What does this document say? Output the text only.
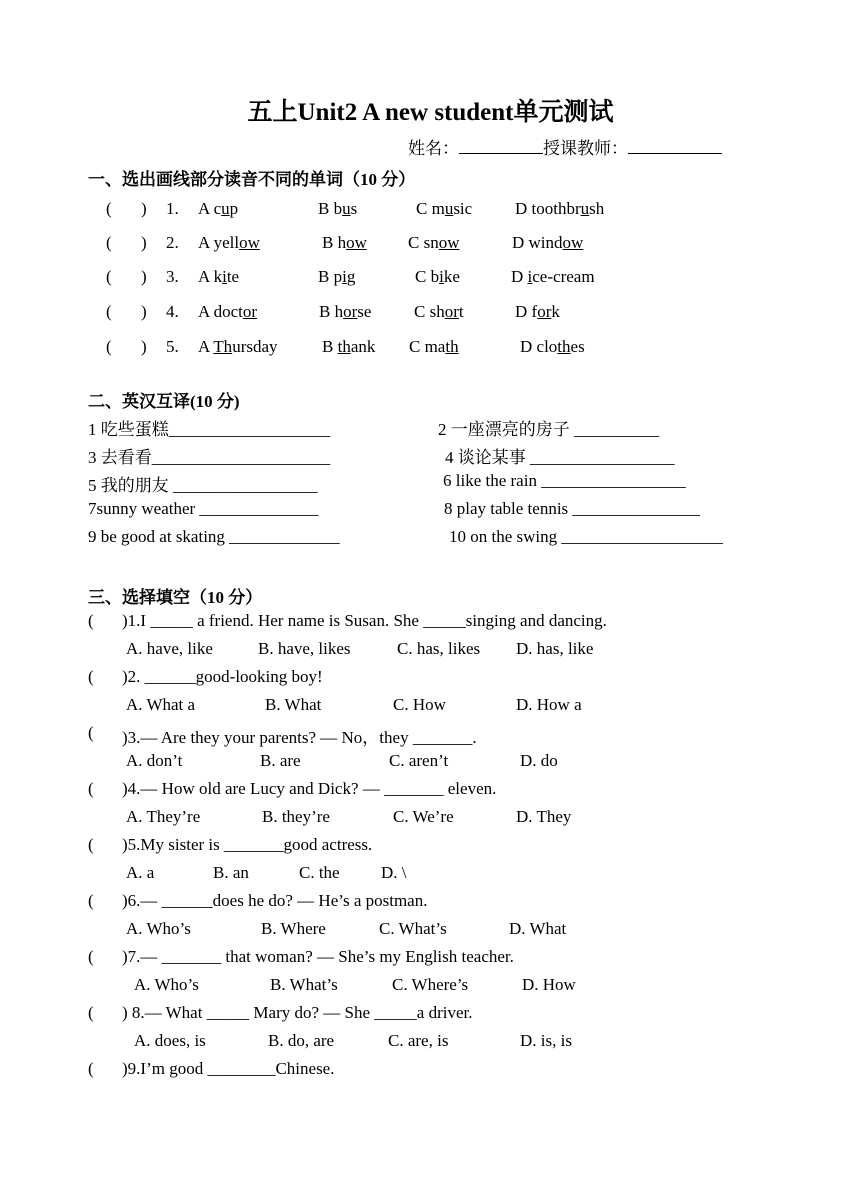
五上Unit2 A new student单元测试
姓名：	授课教师：
一、选出画线部分读音不同的单词（10 分）
( ) 1. A cup	B bus	C music	D toothbrush
( ) 2. A yellow	B how C snow	D window
( ) 3. A kite	B pig	C bike	D ice-cream
( ) 4. A doctor	B horse	C short	D fork
( ) 5. A Thursday	B thank C math	D clothes
二、英汉互译(10 分)
1 吃些蛋糕___________________	2 一座漂亮的房子 __________
3 去看看_____________________	4 谈论某事 _________________
5 我的朋友 _________________	6 like the rain _________________
7sunny weather ______________	8 play table tennis _______________
9 be good at skating _____________	10 on the swing ___________________
三、选择填空（10 分）
( )1.I _____ a friend. Her name is Susan. She _____singing and dancing.
A. have, like	B. have, likes	C. has, likes D. has, like
( )2. ______good-looking boy!
A. What a	B. What	C. How	D. How a
( )3.— Are they your parents? — No，they _______.
A. don’t	B. are	C. aren’t	D. do
( )4.— How old are Lucy and Dick? — _______ eleven.
A. They’re	B. they’re	C. We’re	D. They
( )5.My sister is _______good actress.
A. a	B. an	C. the D. \
( )6.— ______does he do? — He’s a postman.
A. Who’s	B. Where	C. What’s	D. What
( )7.— _______ that woman? — She’s my English teacher.
A. Who’s	B. What’s	C. Where’s	D. How
( ) 8.— What _____ Mary do? — She _____a driver.
A. does, is	B. do, are	C. are, is	D. is, is
( )9.I’m good ________Chinese.
